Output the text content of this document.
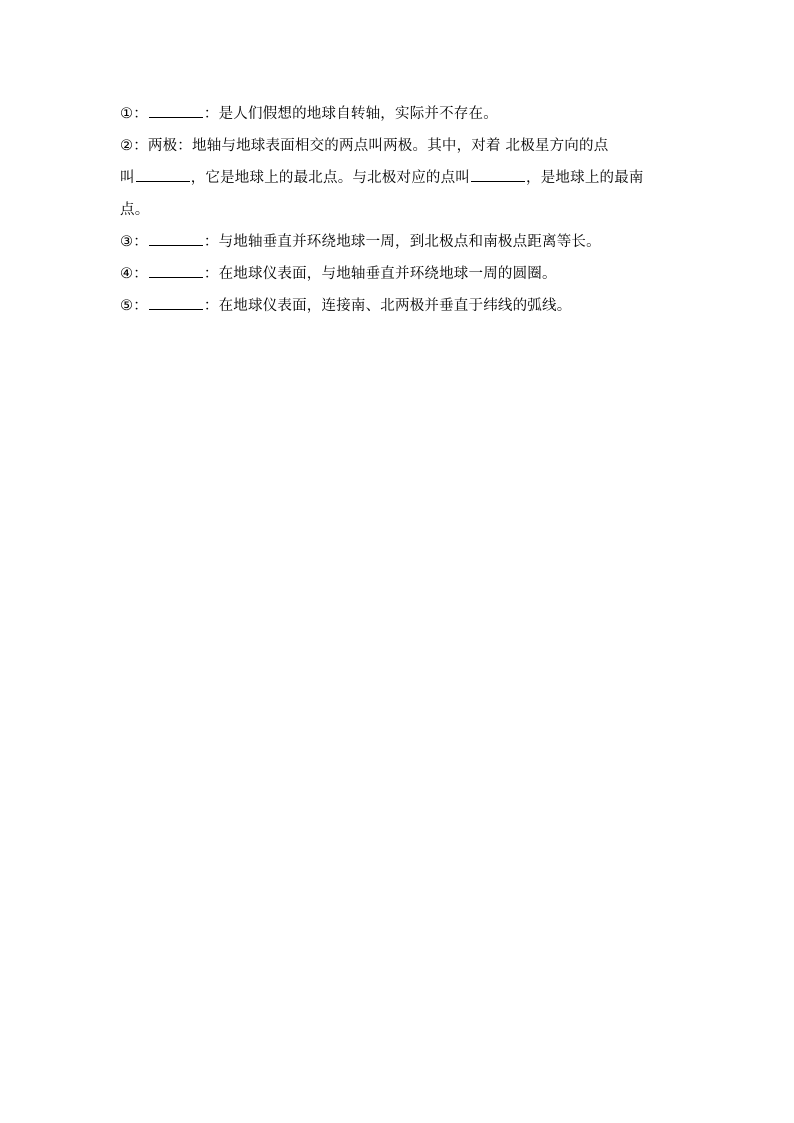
①：	：是人们假想的地球自转轴，实际并不存在。
②：两极：地轴与地球表面相交的两点叫两极。其中，对着 北极星方向的点
叫	，它是地球上的最北点。与北极对应的点叫	，是地球上的最南
点。
③：	：与地轴垂直并环绕地球一周，到北极点和南极点距离等长。
④：	：在地球仪表面，与地轴垂直并环绕地球一周的圆圈。
⑤：	：在地球仪表面，连接南、北两极并垂直于纬线的弧线。
